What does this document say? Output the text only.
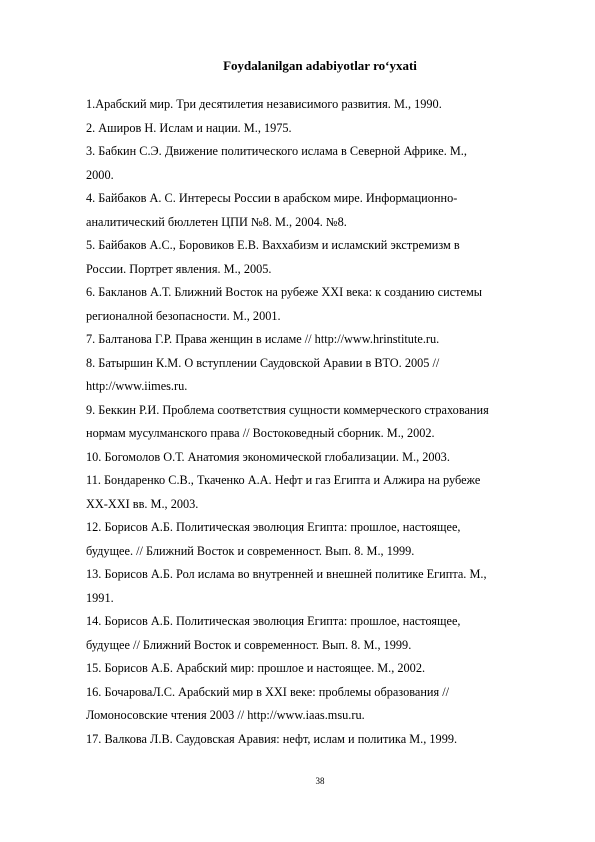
Foydalanilgan adabiyotlar ro‘yxati
1.Арабский мир. Три десятилетия независимого развития. М., 1990.
2. Аширов Н. Ислам и нации. М., 1975.
3. Бабкин С.Э. Движение политического ислама в Северной Африке. М.,
2000.
4. Байбаков А. С. Интересы России в арабском мире. Информационно-
аналитический бюллетен ЦПИ №8. М., 2004. №8.
5. Байбаков А.С., Боровиков Е.В. Ваххабизм и исламский экстремизм в
России. Портрет явления. М., 2005.
6. Бакланов А.Т. Ближний Восток на рубеже XXI века: к созданию системы
регионалной безопасности. М., 2001.
7. Балтанова Г.Р. Права женщин в исламе // http://www.hrinstitute.ru.
8. Батыршин К.М. О вступлении Саудовской Аравии в ВТО. 2005 //
http://www.iimes.ru.
9. Беккин Р.И. Проблема соответствия сущности коммерческого страхования
нормам мусулманского права // Востоковедный сборник. М., 2002.
10. Богомолов О.Т. Анатомия экономической глобализации. М., 2003.
11. Бондаренко С.В., Ткаченко А.А. Нефт и газ Египта и Алжира на рубеже
XX-XXI вв. М., 2003.
12. Борисов А.Б. Политическая эволюция Египта: прошлое, настоящее,
будущее. // Ближний Восток и современност. Вып. 8. М., 1999.
13. Борисов А.Б. Рол ислама во внутренней и внешней политике Египта. М.,
1991.
14. Борисов А.Б. Политическая эволюция Египта: прошлое, настоящее,
будущее // Ближний Восток и современност. Вып. 8. М., 1999.
15. Борисов А.Б. Арабский мир: прошлое и настоящее. М., 2002.
16. БочароваЛ.С. Арабский мир в XXI веке: проблемы образования //
Ломоносовские чтения 2003 // http://www.iaas.msu.ru.
17. Валкова Л.В. Саудовская Аравия: нефт, ислам и политика М., 1999.
38
